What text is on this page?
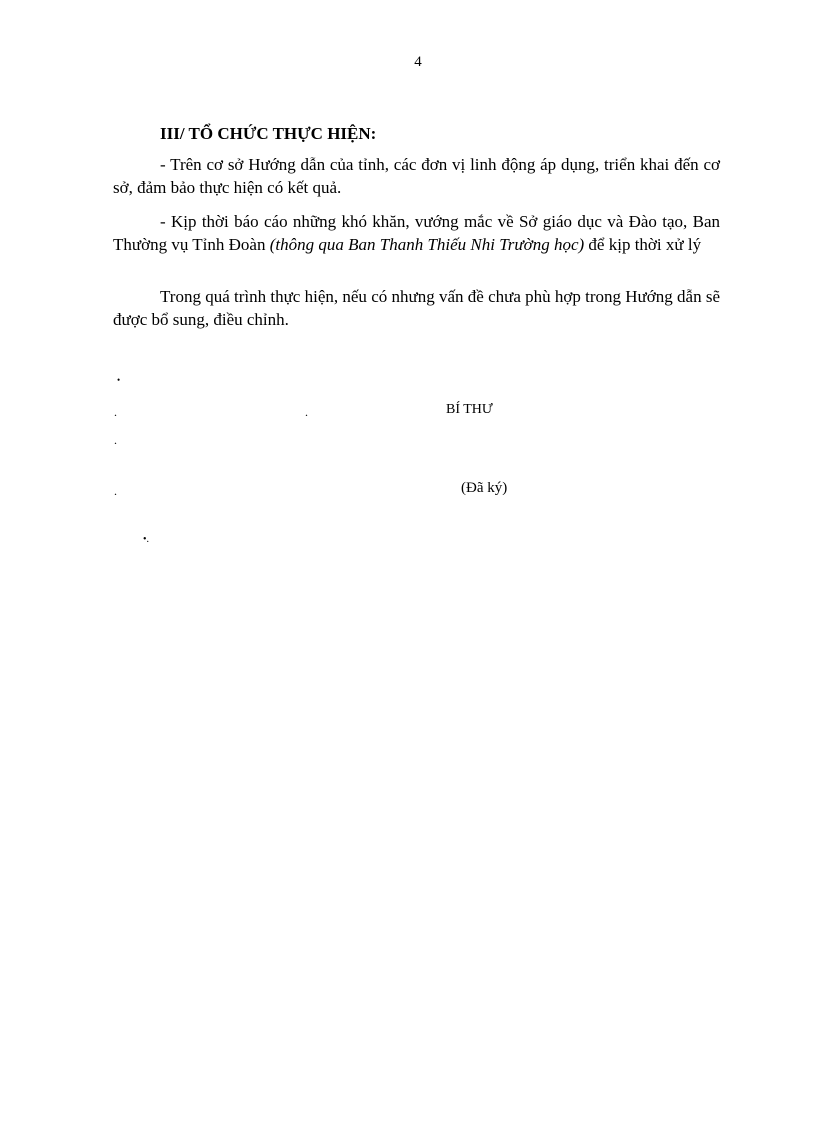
4
III/ TỔ CHỨC THỰC HIỆN:

- Trên cơ sở Hướng dẫn của tỉnh, các đơn vị linh động áp dụng, triển khai đến cơ sở, đảm bảo thực hiện có kết quả.

- Kịp thời báo cáo những khó khăn, vướng mắc về Sở giáo dục và Đào tạo, Ban Thường vụ Tỉnh Đoàn (thông qua Ban Thanh Thiếu Nhi Trường học) để kịp thời xử lý

Trong quá trình thực hiện, nếu có nhưng vấn đề chưa phù hợp trong Hướng dẫn sẽ được bổ sung, điều chỉnh.

•
.	.	BÍ THƯ
.
.	(Đã ký)
•.
